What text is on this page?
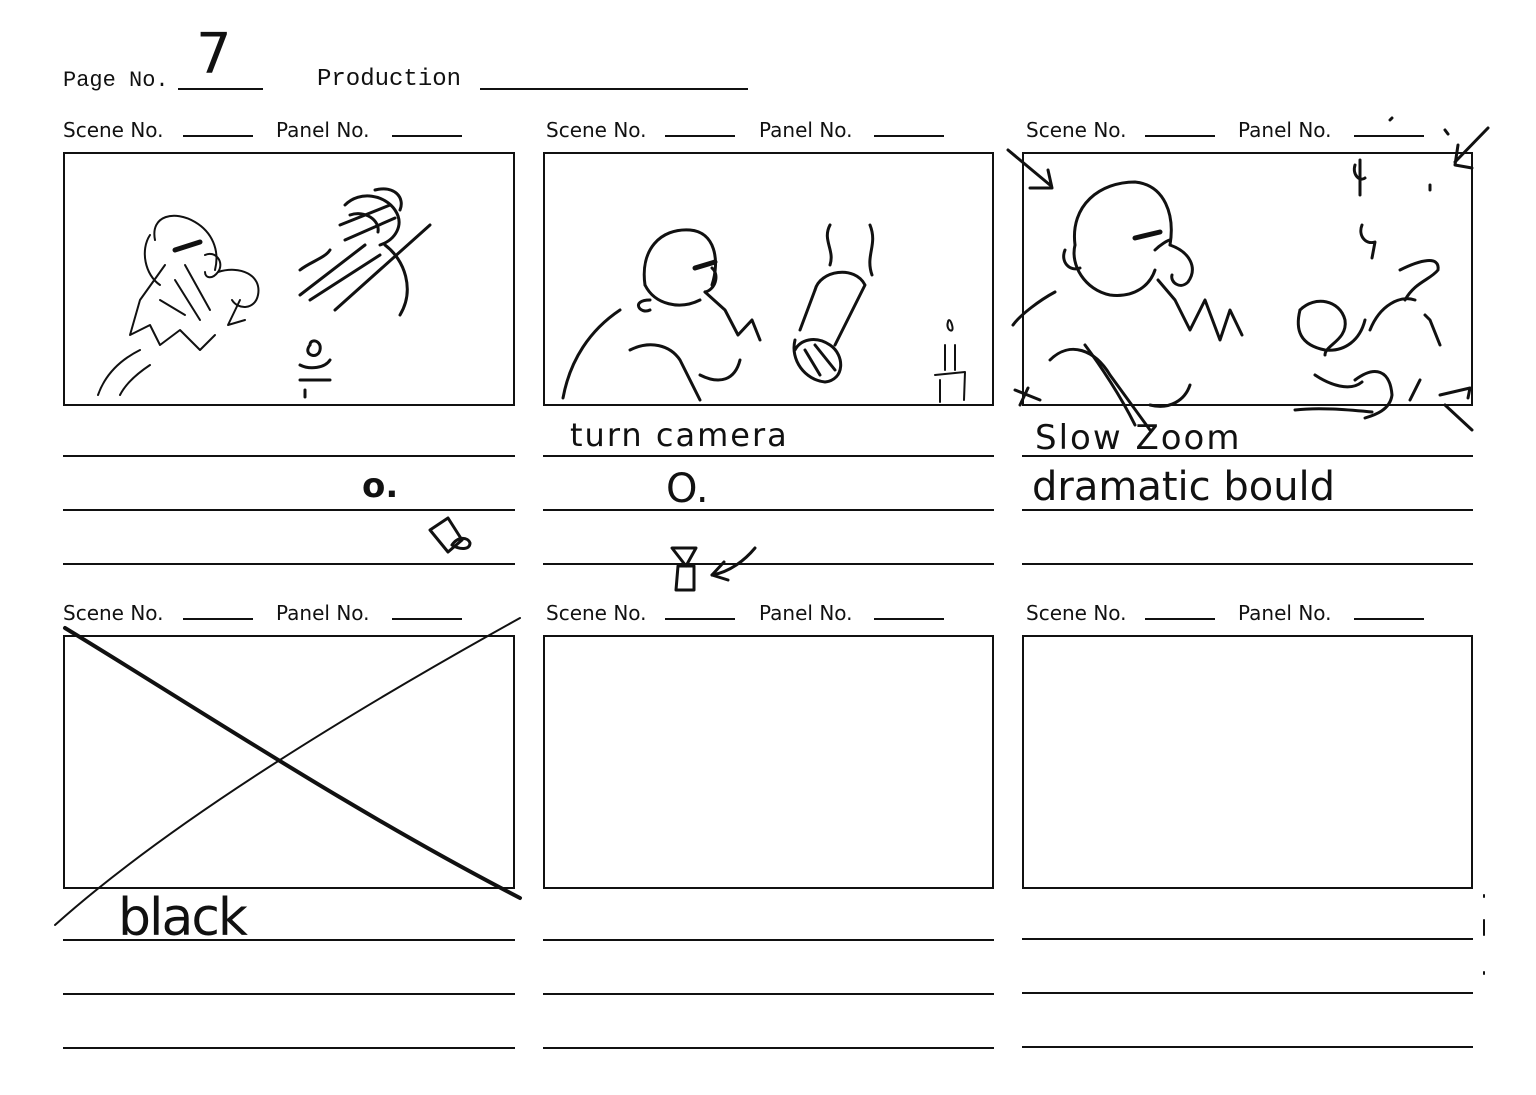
Page No. 7	Production
Scene No.	Panel No.
o.
Scene No.	Panel No.
turn camera
O.
Scene No.	Panel No.
Slow Zoom
dramatic bould
Scene No.	Panel No.
black
Scene No.	Panel No.	Scene No.	Panel No.
